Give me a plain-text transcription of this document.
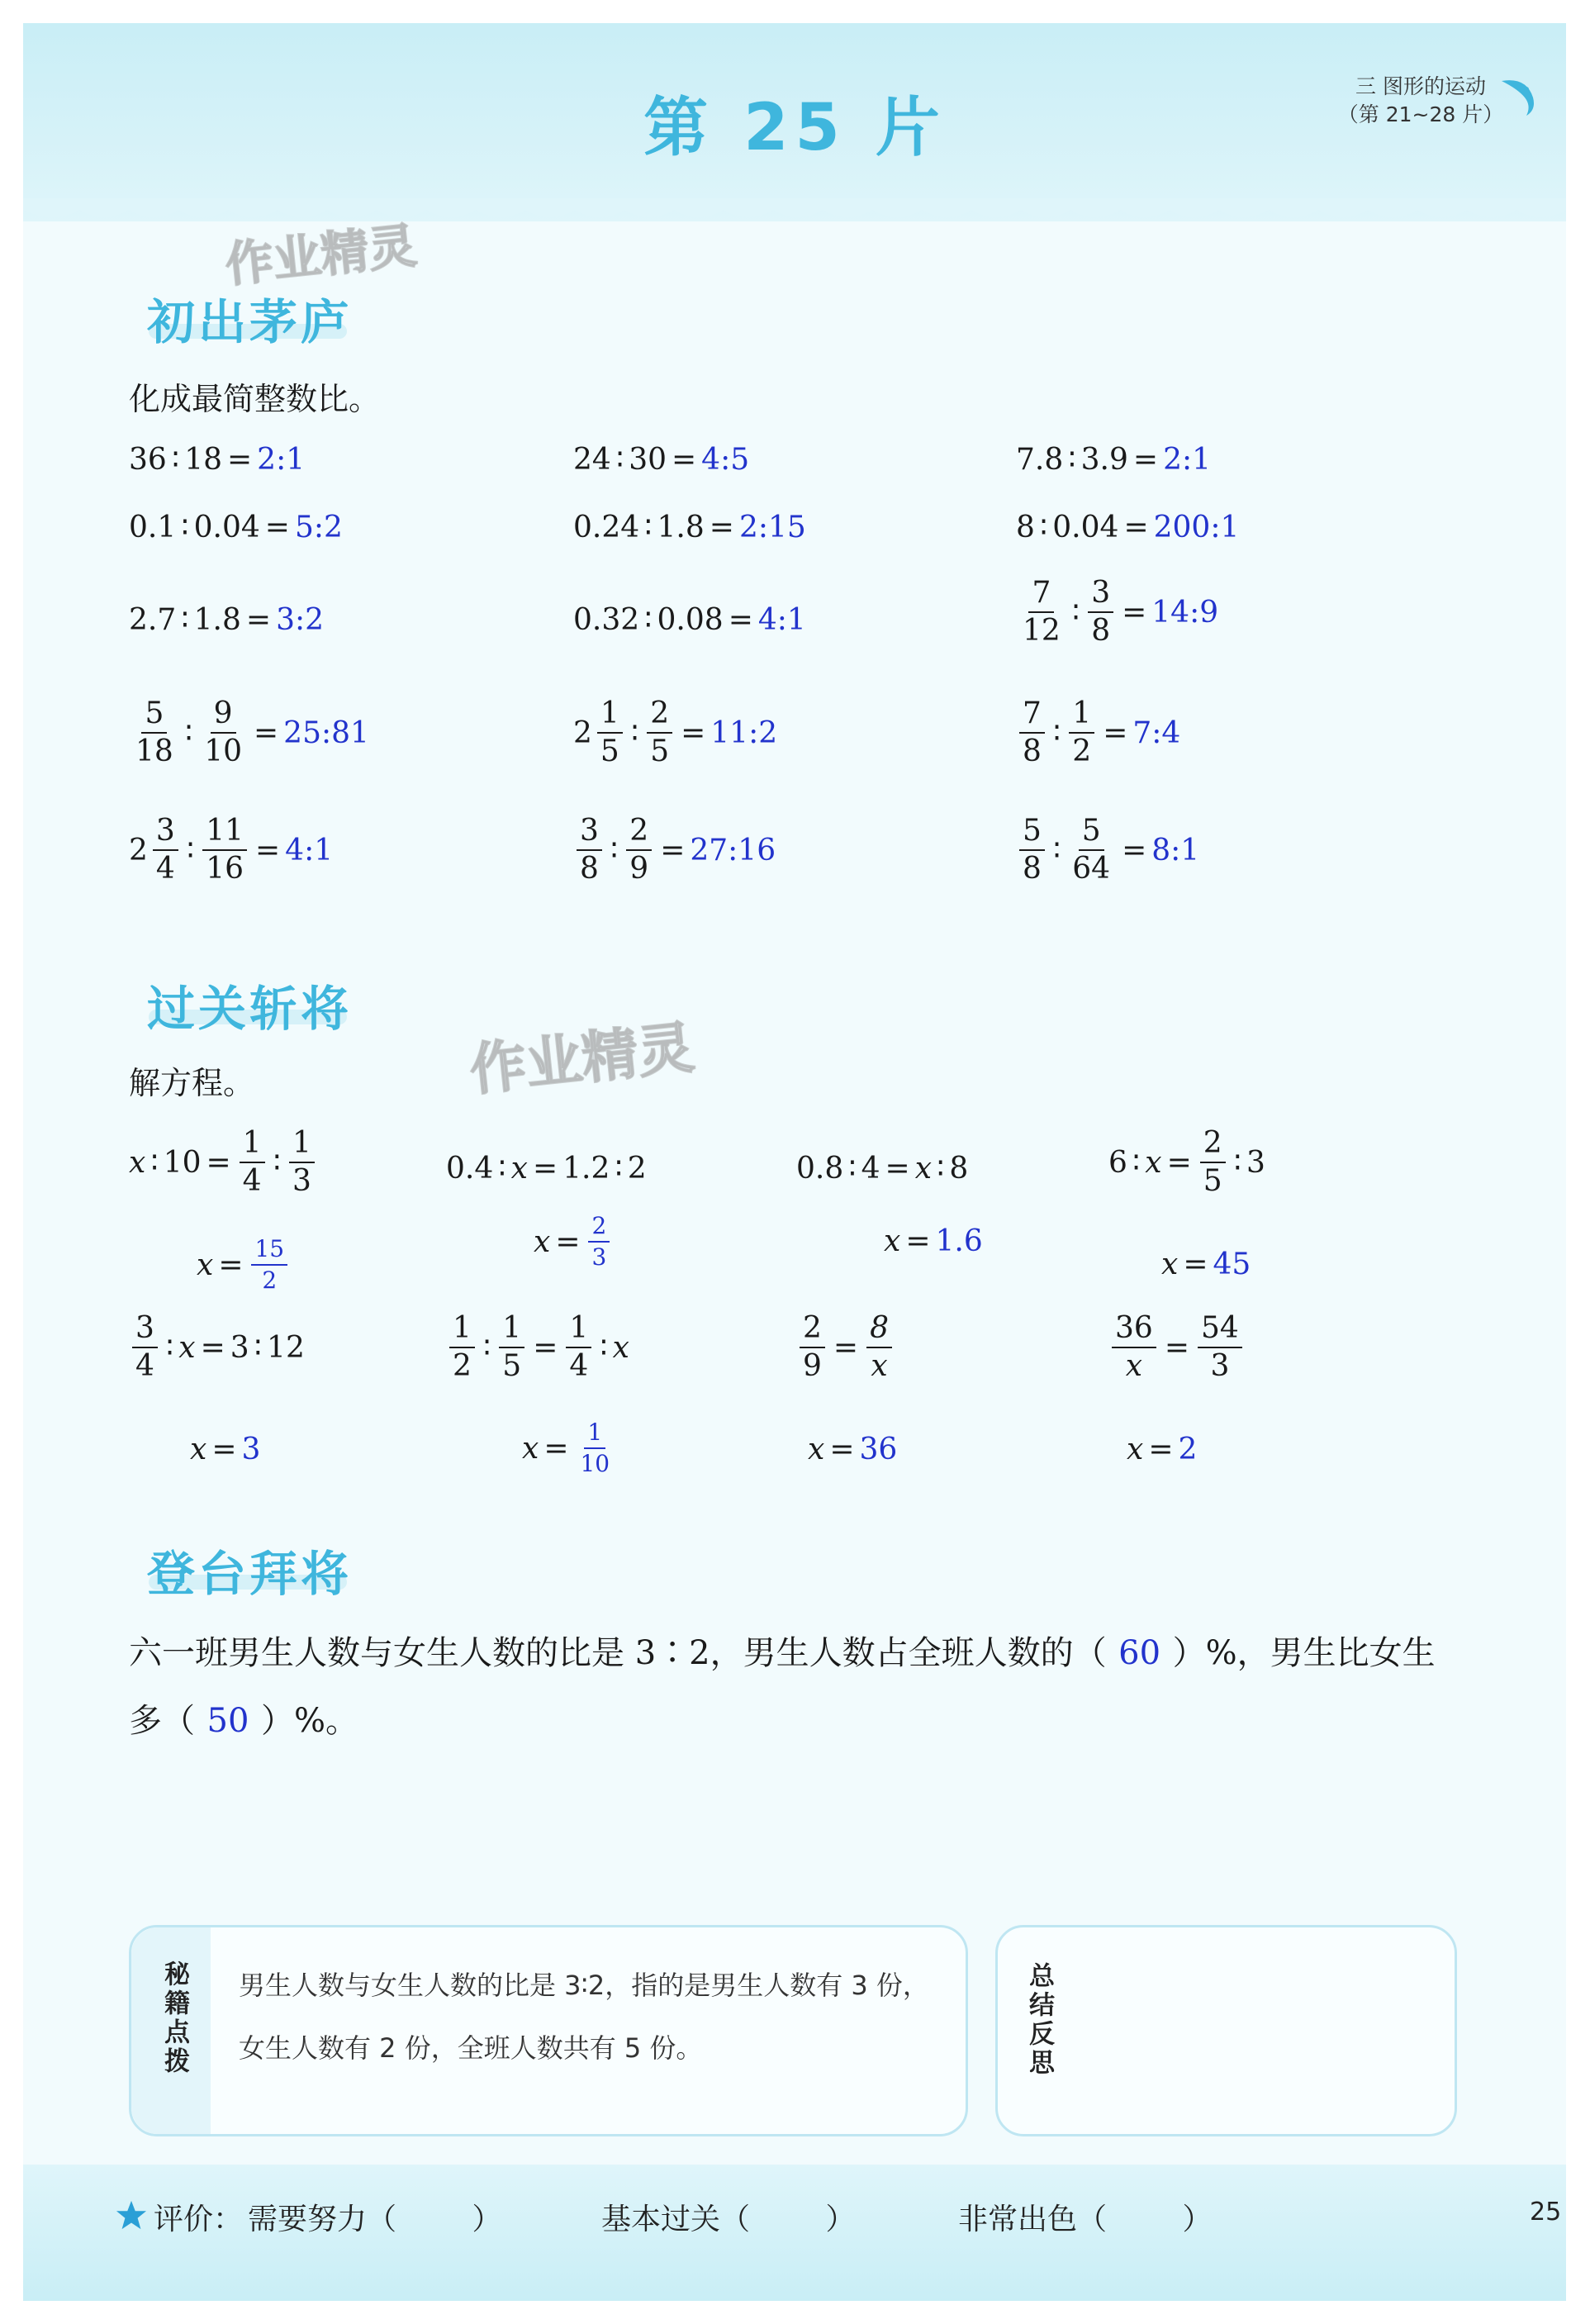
第 25 片
三 图形的运动
（第 21~28 片）
作业精灵
作业精灵
初出茅庐
化成最简整数比。
36 ∶ 18 = 2:1	24 ∶ 30 = 4:5	7.8 ∶ 3.9 = 2:1
0.1 ∶ 0.04 = 5:2	0.24 ∶ 1.8 = 2:15	8 ∶ 0.04 = 200:1
2.7 ∶ 1.8 = 3:2	0.32 ∶ 0.08 = 4:1	$\frac{7}{12}$ ∶ $\frac{3}{8}$ = 14:9
$\frac{5}{18}$ ∶ $\frac{9}{10}$ = 25:81	$2 \frac{1}{5}$ ∶ $\frac{2}{5}$ = 11:2	$\frac{7}{8}$ ∶ $\frac{1}{2}$ = 7:4
$2 \frac{3}{4}$ ∶ $\frac{11}{16}$ = 4:1	$\frac{3}{8}$ ∶ $\frac{2}{9}$ = 27:16	$\frac{5}{8}$ ∶ $\frac{5}{64}$ = 8:1
过关斩将
解方程。
x ∶ $10 = \frac{1}{4}$ ∶ $\frac{1}{3}$
$x = \frac{15}{2}$
0.4 ∶ x = 1.2 ∶ 2
$x = \frac{2}{3}$
0.8 ∶ 4 = x ∶ 8
x = 1.6
6 ∶ $x = \frac{2}{5}$ ∶ 3
x = 45
$\frac{3}{4}$ ∶ x = 3 ∶ 12
x = 3
$\frac{1}{2}$ ∶ $\frac{1}{5} = \frac{1}{4}$ ∶ x
$x = \frac{1}{10}$
$\frac{2}{9} = \frac{8}{x}$
x = 36
$\frac{36}{x} = \frac{54}{3}$
x = 2
登台拜将
六一班男生人数与女生人数的比是 3∶2，男生人数占全班人数的（ 60 ）%，男生比女生
多（ 50 ）%。
秘籍点拨 男生人数与女生人数的比是 3∶2，指的是男生人数有 3 份，女生人数有 2 份，全班人数共有 5 份。	总结反思
评价： 需要努力（        ）	基本过关（        ）	非常出色（        ）	25
